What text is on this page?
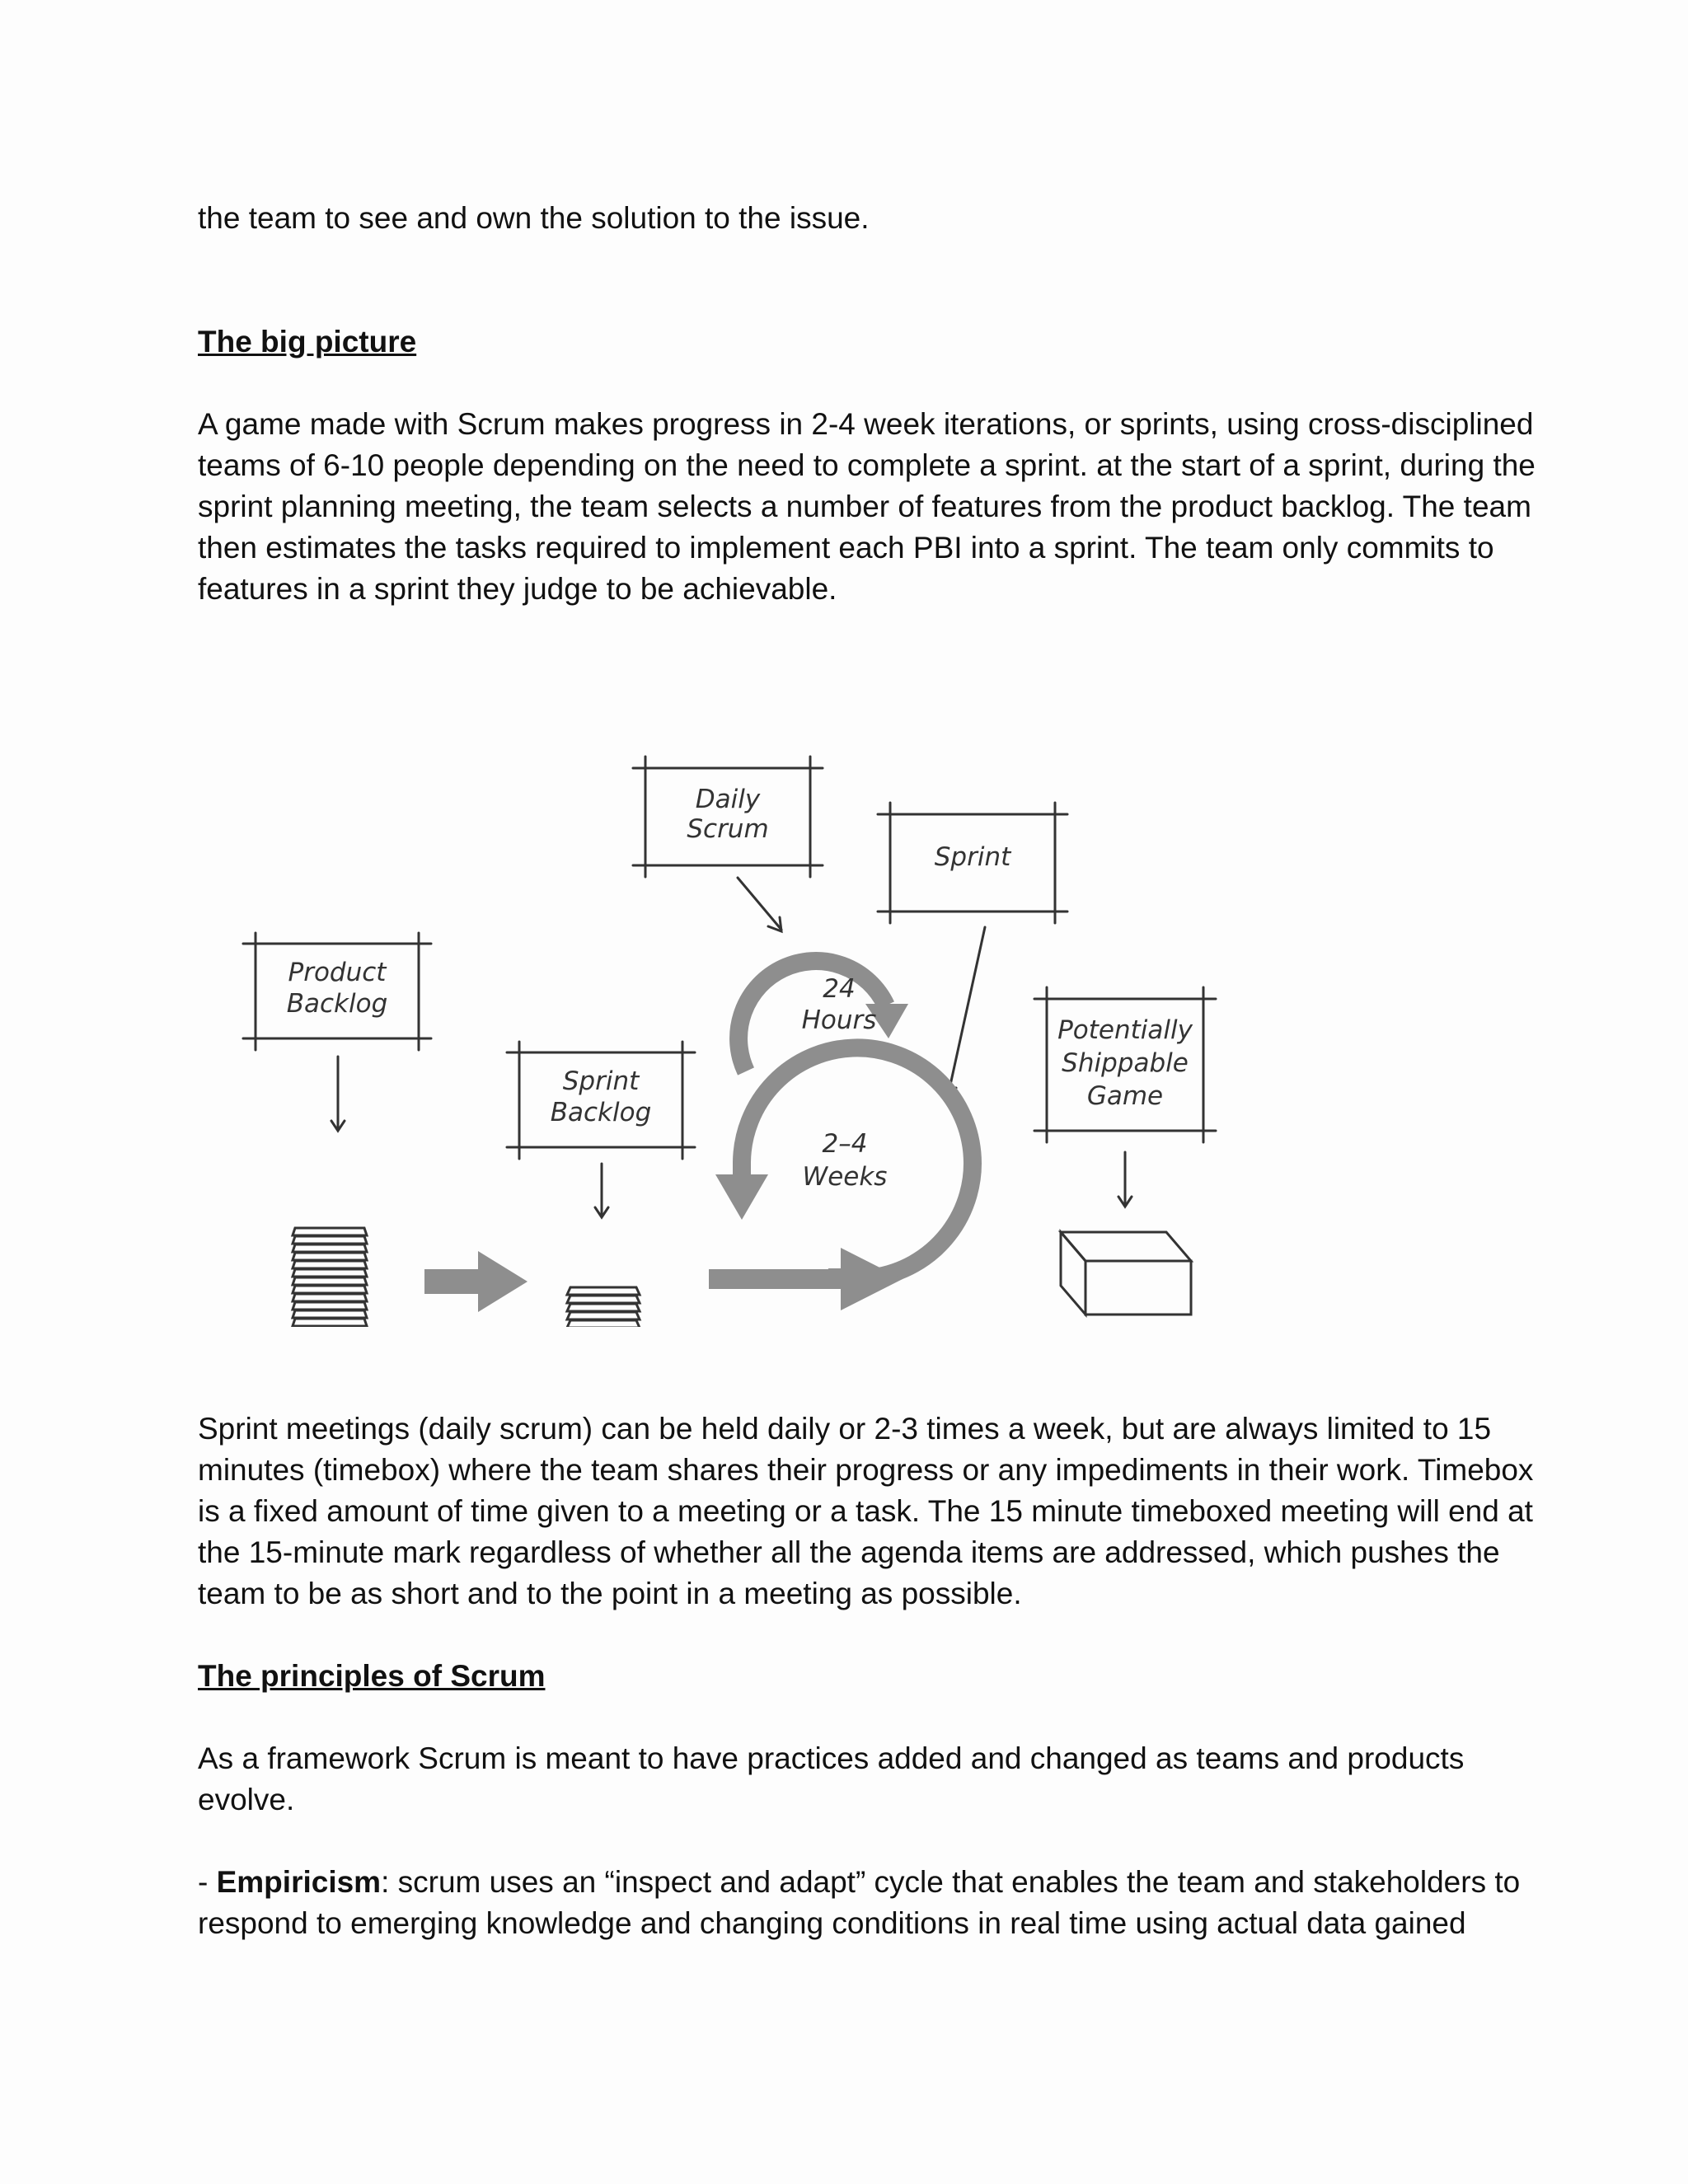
the team to see and own the solution to the issue.
The big picture

A game made with Scrum makes progress in 2-4 week iterations, or sprints, using cross-disciplined teams of 6-10 people depending on the need to complete a sprint. at the start of a sprint, during the sprint planning meeting, the team selects a number of features from the product backlog. The team then estimates the tasks required to implement each PBI into a sprint. The team only commits to features in a sprint they judge to be achievable.

Daily
Scrum
Sprint
Product
Backlog
Sprint
Backlog
Potentially
Shippable
Game
24
Hours
2–4
Weeks

Sprint meetings (daily scrum) can be held daily or 2-3 times a week, but are always limited to 15 minutes (timebox) where the team shares their progress or any impediments in their work. Timebox is a fixed amount of time given to a meeting or a task. The 15 minute timeboxed meeting will end at the 15-minute mark regardless of whether all the agenda items are addressed, which pushes the team to be as short and to the point in a meeting as possible.

The principles of Scrum

As a framework Scrum is meant to have practices added and changed as teams and products evolve.

- Empiricism: scrum uses an “inspect and adapt” cycle that enables the team and stakeholders to respond to emerging knowledge and changing conditions in real time using actual data gained
